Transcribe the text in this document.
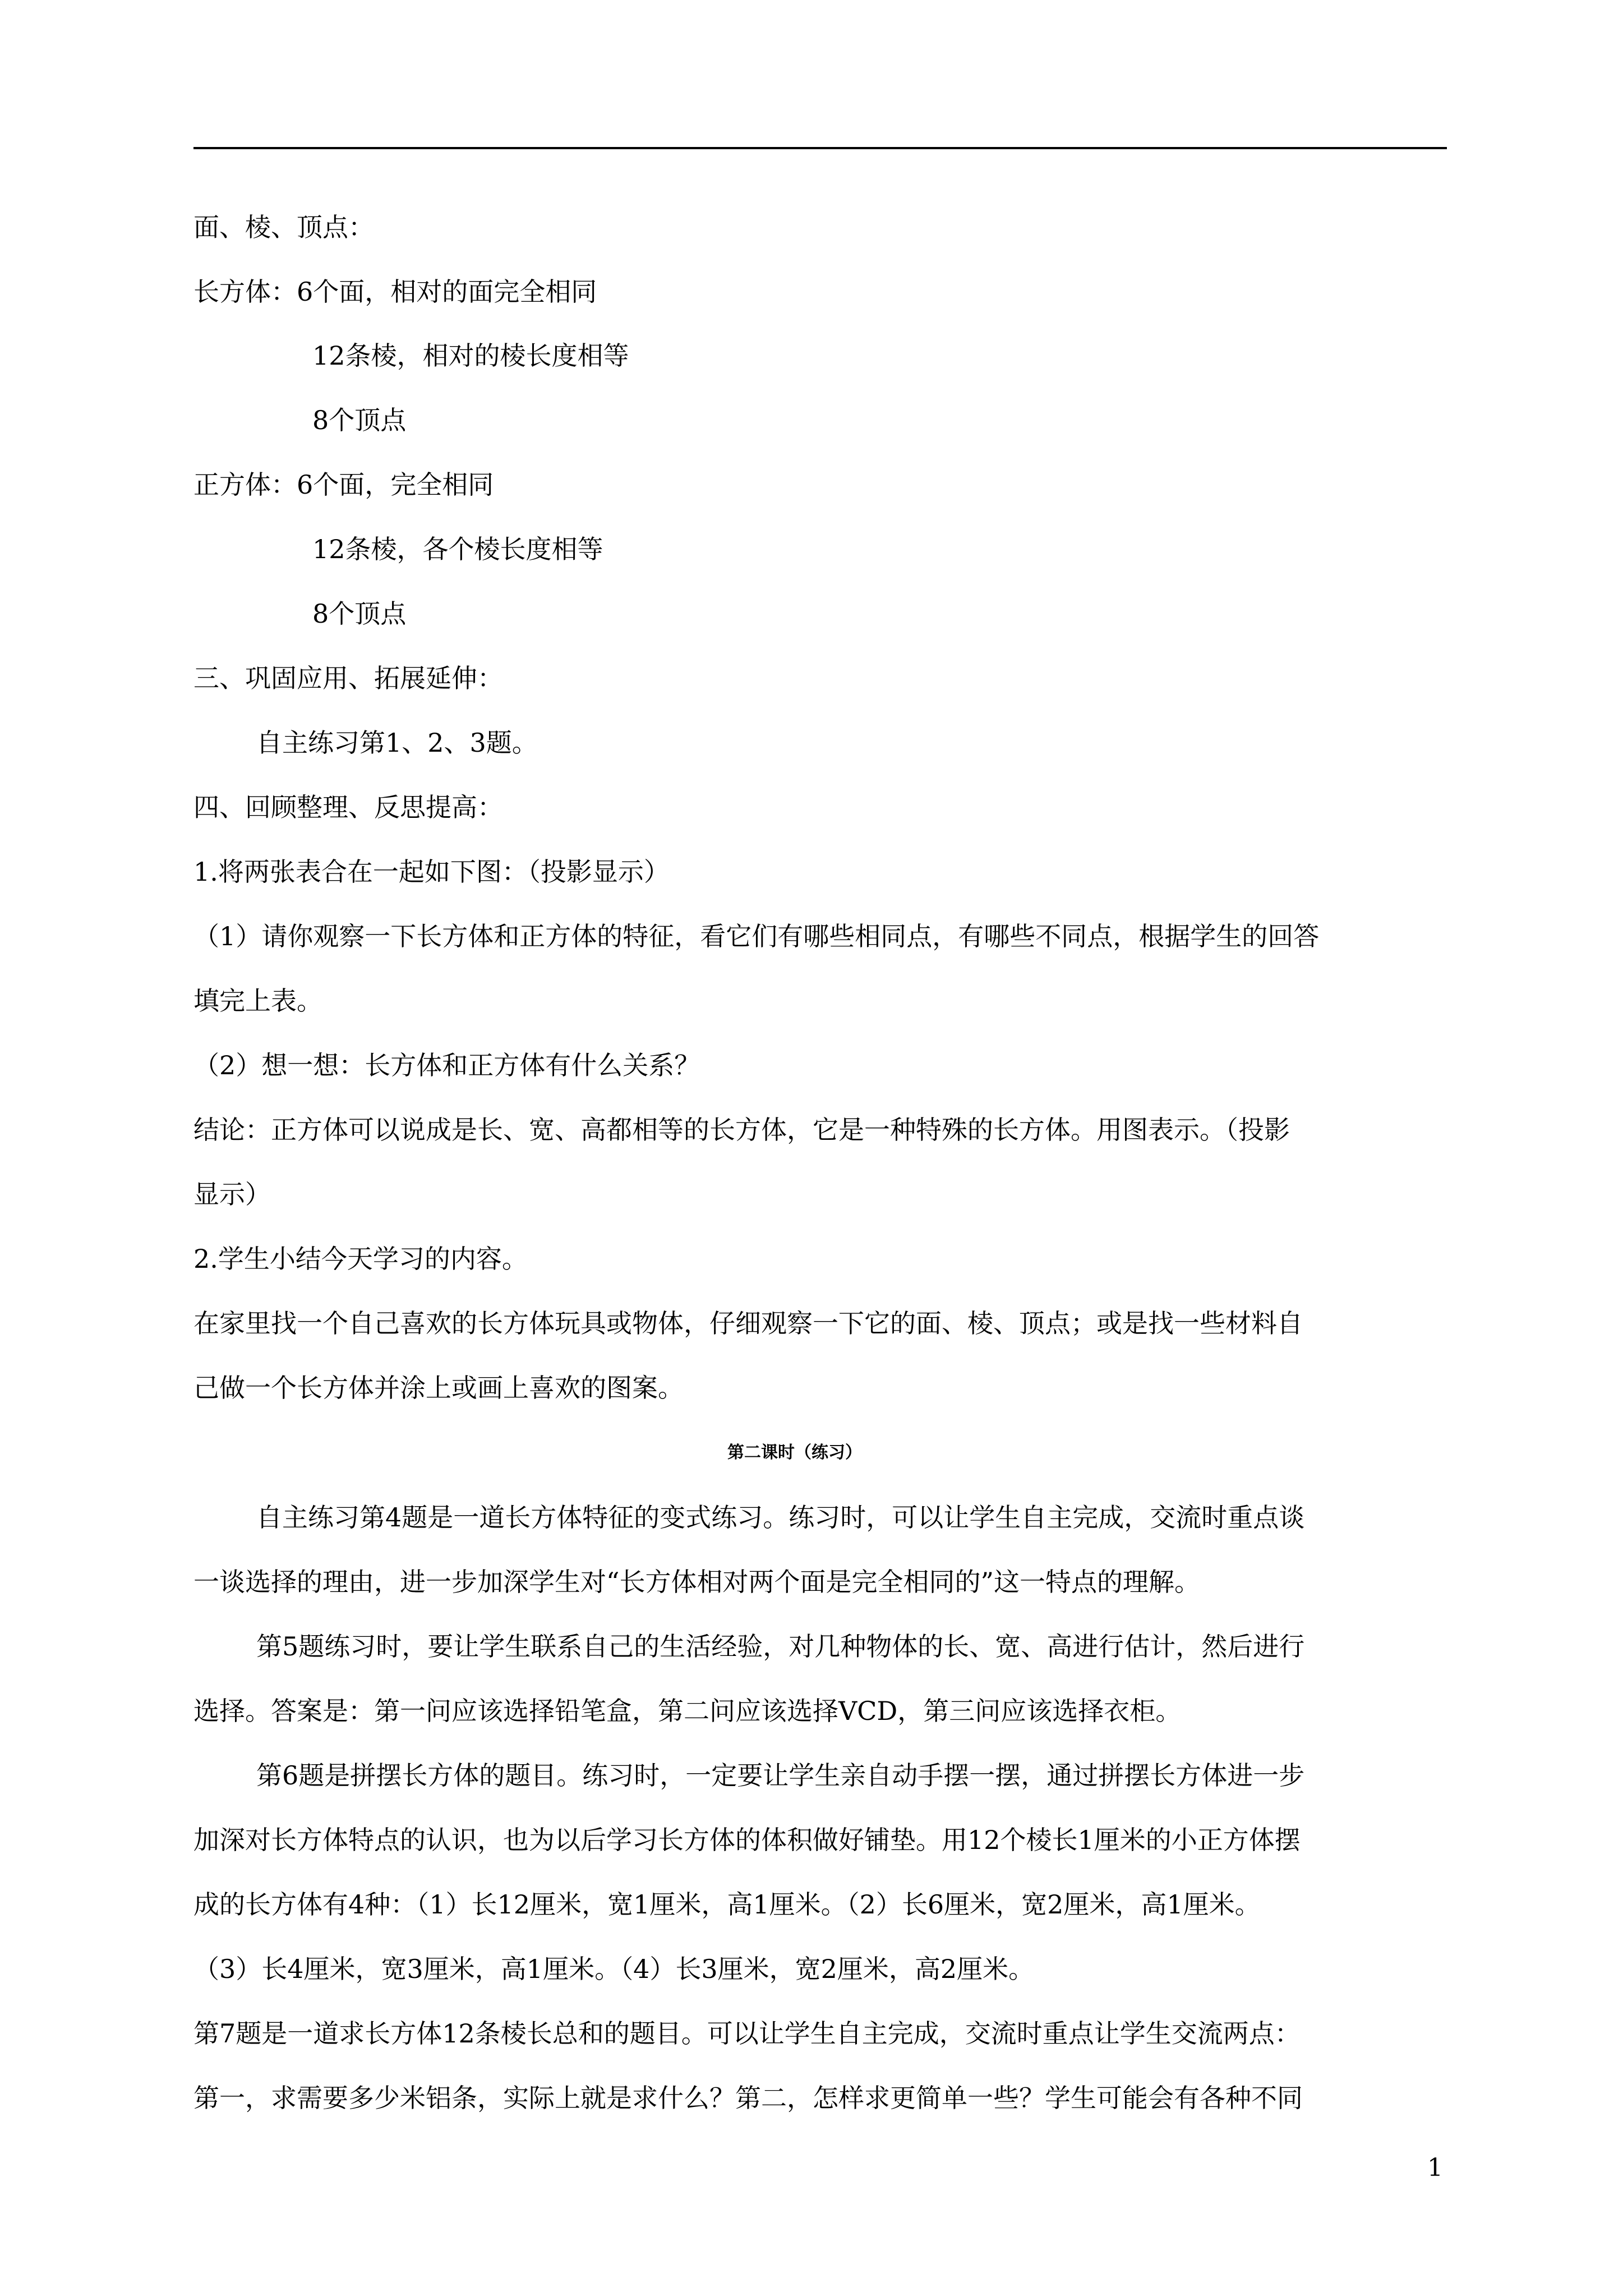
面、棱、顶点：

长方体：6个面，相对的面完全相同

12条棱，相对的棱长度相等

8个顶点

正方体：6个面，完全相同

12条棱，各个棱长度相等

8个顶点

三、巩固应用、拓展延伸：

自主练习第1、2、3题。

四、回顾整理、反思提高：

1.将两张表合在一起如下图：（投影显示）

（1）请你观察一下长方体和正方体的特征，看它们有哪些相同点，有哪些不同点，根据学生的回答

填完上表。

（2）想一想：长方体和正方体有什么关系？

结论：正方体可以说成是长、宽、高都相等的长方体，它是一种特殊的长方体。用图表示。（投影

显示）

2.学生小结今天学习的内容。

在家里找一个自己喜欢的长方体玩具或物体，仔细观察一下它的面、棱、顶点；或是找一些材料自

己做一个长方体并涂上或画上喜欢的图案。

第二课时（练习）

自主练习第4题是一道长方体特征的变式练习。练习时，可以让学生自主完成，交流时重点谈

一谈选择的理由，进一步加深学生对“长方体相对两个面是完全相同的”这一特点的理解。

第5题练习时，要让学生联系自己的生活经验，对几种物体的长、宽、高进行估计，然后进行

选择。答案是：第一问应该选择铅笔盒，第二问应该选择VCD，第三问应该选择衣柜。

第6题是拼摆长方体的题目。练习时，一定要让学生亲自动手摆一摆，通过拼摆长方体进一步

加深对长方体特点的认识，也为以后学习长方体的体积做好铺垫。用12个棱长1厘米的小正方体摆

成的长方体有4种：（1）长12厘米，宽1厘米，高1厘米。（2）长6厘米，宽2厘米，高1厘米。

（3）长4厘米，宽3厘米，高1厘米。（4）长3厘米，宽2厘米，高2厘米。

第7题是一道求长方体12条棱长总和的题目。可以让学生自主完成，交流时重点让学生交流两点：

第一，求需要多少米铝条，实际上就是求什么？第二，怎样求更简单一些？学生可能会有各种不同

1
